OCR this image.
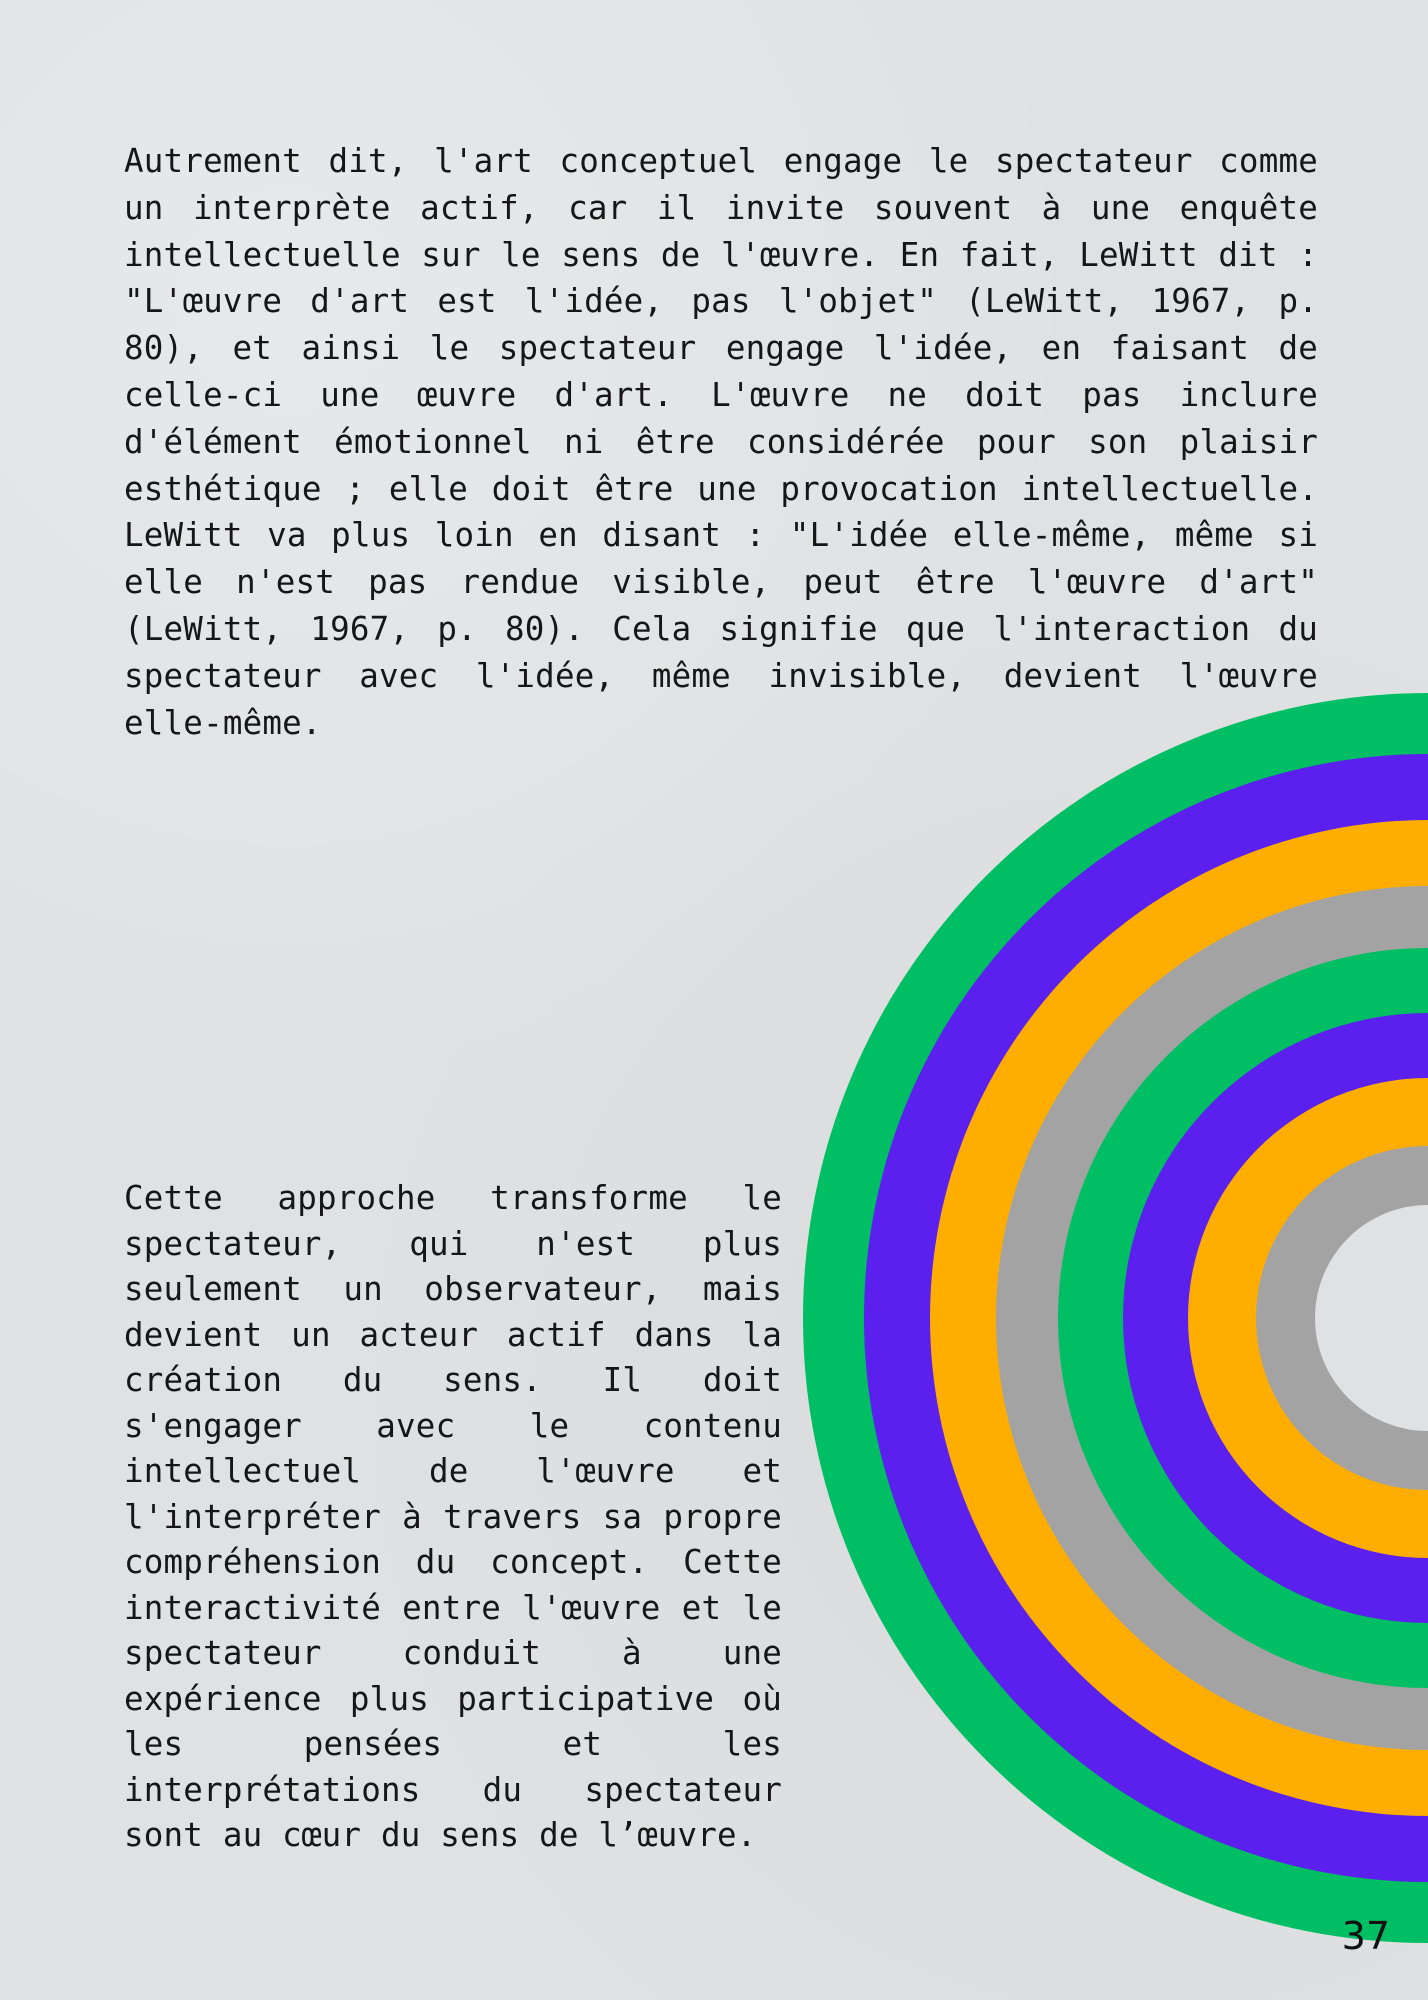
Autrement dit, l'art conceptuel engage le spectateur comme un interprète actif, car il invite souvent à une enquête intellectuelle sur le sens de l'œuvre. En fait, LeWitt dit : "L'œuvre d'art est l'idée, pas l'objet" (LeWitt, 1967, p. 80), et ainsi le spectateur engage l'idée, en faisant de celle-ci une œuvre d'art. L'œuvre ne doit pas inclure d'élément émotionnel ni être considérée pour son plaisir esthétique ; elle doit être une provocation intellectuelle. LeWitt va plus loin en disant : "L'idée elle-même, même si elle n'est pas rendue visible, peut être l'œuvre d'art" (LeWitt, 1967, p. 80). Cela signifie que l'interaction du spectateur avec l'idée, même invisible, devient l'œuvre elle-même.

Cette approche transforme le spectateur, qui n'est plus seulement un observateur, mais devient un acteur actif dans la création du sens. Il doit s'engager avec le contenu intellectuel de l'œuvre et l'interpréter à travers sa propre compréhension du concept. Cette interactivité entre l'œuvre et le spectateur conduit à une expérience plus participative où les pensées et les interprétations du spectateur sont au cœur du sens de l’œuvre.

37
